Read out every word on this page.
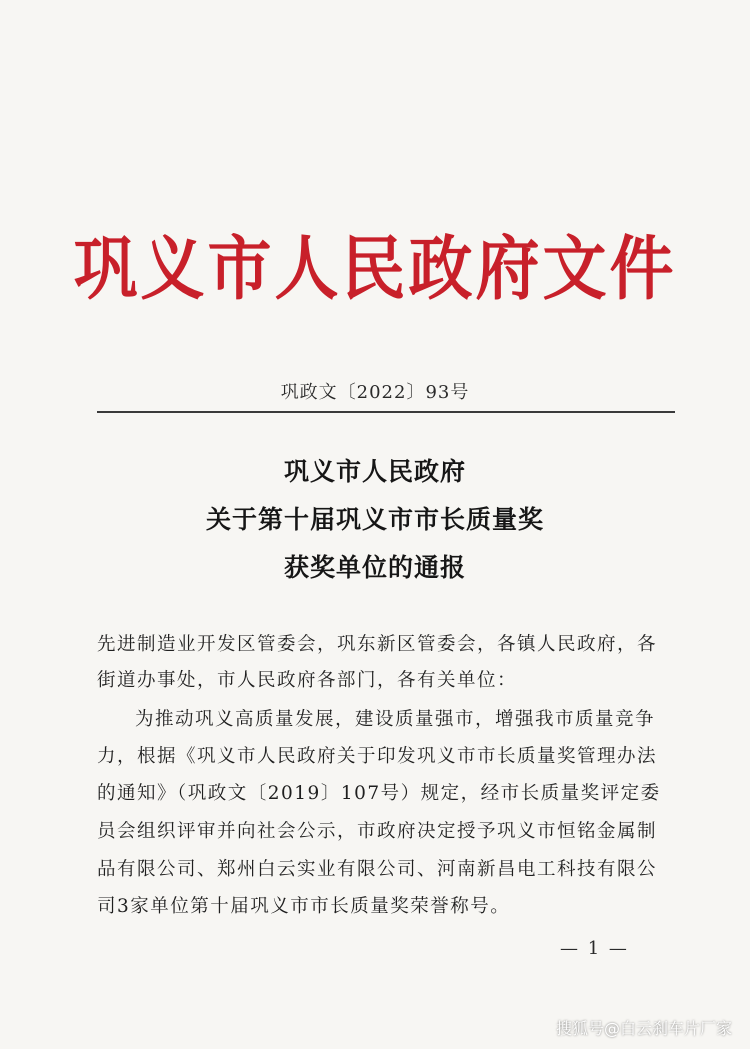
巩义市人民政府文件
巩政文〔2022〕93号
巩义市人民政府
关于第十届巩义市市长质量奖
获奖单位的通报
先进制造业开发区管委会，巩东新区管委会，各镇人民政府，各
街道办事处，市人民政府各部门，各有关单位：
为推动巩义高质量发展，建设质量强市，增强我市质量竞争
力，根据《巩义市人民政府关于印发巩义市市长质量奖管理办法
的通知》（巩政文〔2019〕107号）规定，经市长质量奖评定委
员会组织评审并向社会公示，市政府决定授予巩义市恒铭金属制
品有限公司、郑州白云实业有限公司、河南新昌电工科技有限公
司3家单位第十届巩义市市长质量奖荣誉称号。
— 1 —
搜狐号@白云刹车片厂家
